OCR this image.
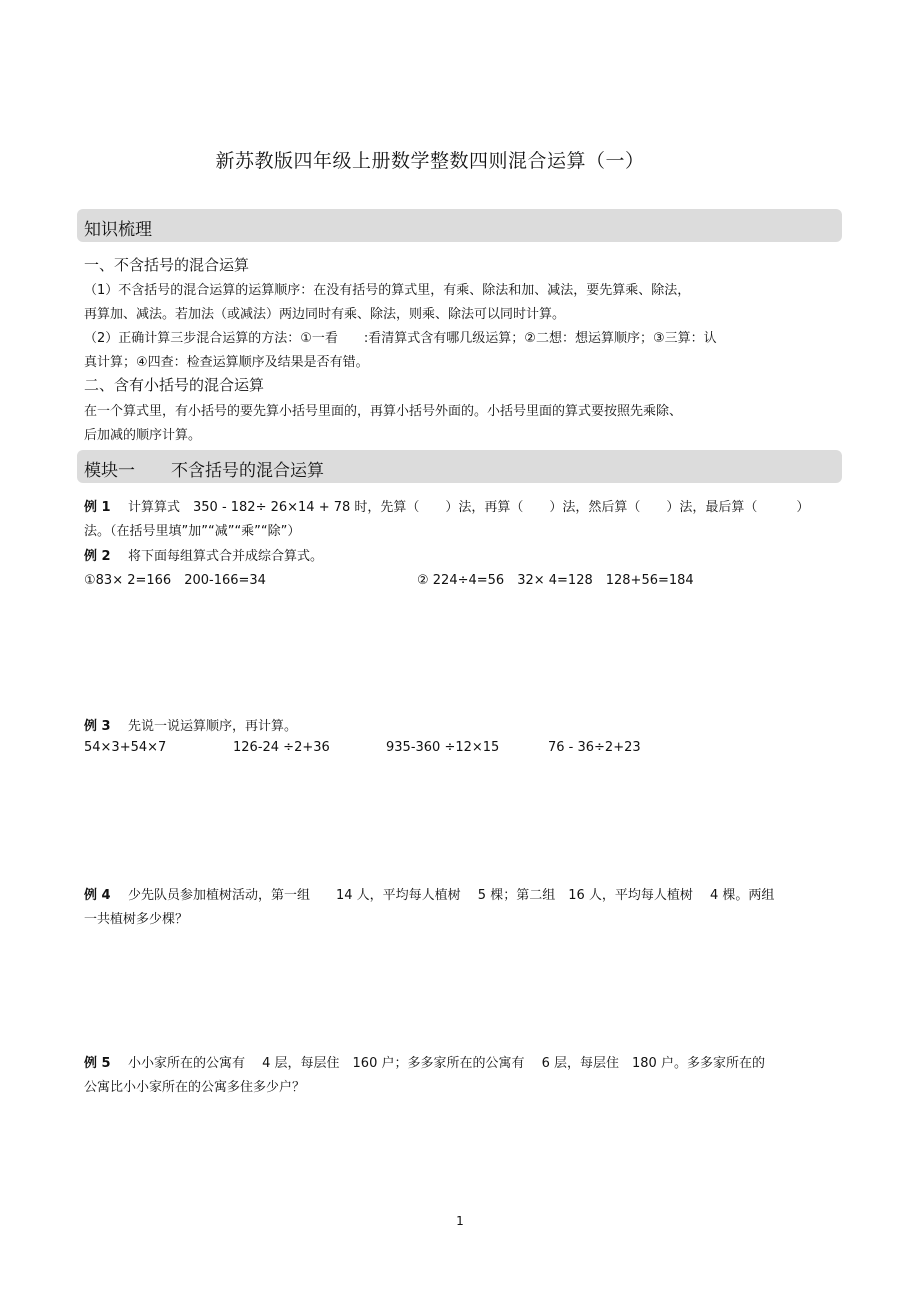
新苏教版四年级上册数学整数四则混合运算（一）
知识梳理
一、不含括号的混合运算
（1）不含括号的混合运算的运算顺序：在没有括号的算式里，有乘、除法和加、减法，要先算乘、除法，
再算加、减法。若加法（或减法）两边同时有乘、除法，则乘、除法可以同时计算。
（2）正确计算三步混合运算的方法：①一看　　:看清算式含有哪几级运算；②二想：想运算顺序；③三算：认
真计算；④四查：检查运算顺序及结果是否有错。
二、含有小括号的混合运算
在一个算式里，有小括号的要先算小括号里面的，再算小括号外面的。小括号里面的算式要按照先乘除、
后加减的顺序计算。
模块一 不含括号的混合运算
例 1 计算算式　350 - 182÷ 26×14 + 78 时，先算（　　）法，再算（　　）法，然后算（　　）法，最后算（　　　）
法。（在括号里填”加”“减”“乘”“除”）
例 2 将下面每组算式合并成综合算式。
①83× 2=166　200-166=34	② 224÷4=56　32× 4=128　128+56=184
例 3 先说一说运算顺序，再计算。
54×3+54×7	126-24 ÷2+36	935-360 ÷12×15	76 - 36÷2+23
例 4 少先队员参加植树活动，第一组　　14 人，平均每人植树　 5 棵；第二组　16 人，平均每人植树　 4 棵。两组
一共植树多少棵？
例 5 小小家所在的公寓有　 4 层，每层住　160 户；多多家所在的公寓有　 6 层，每层住　180 户。多多家所在的
公寓比小小家所在的公寓多住多少户？
1
